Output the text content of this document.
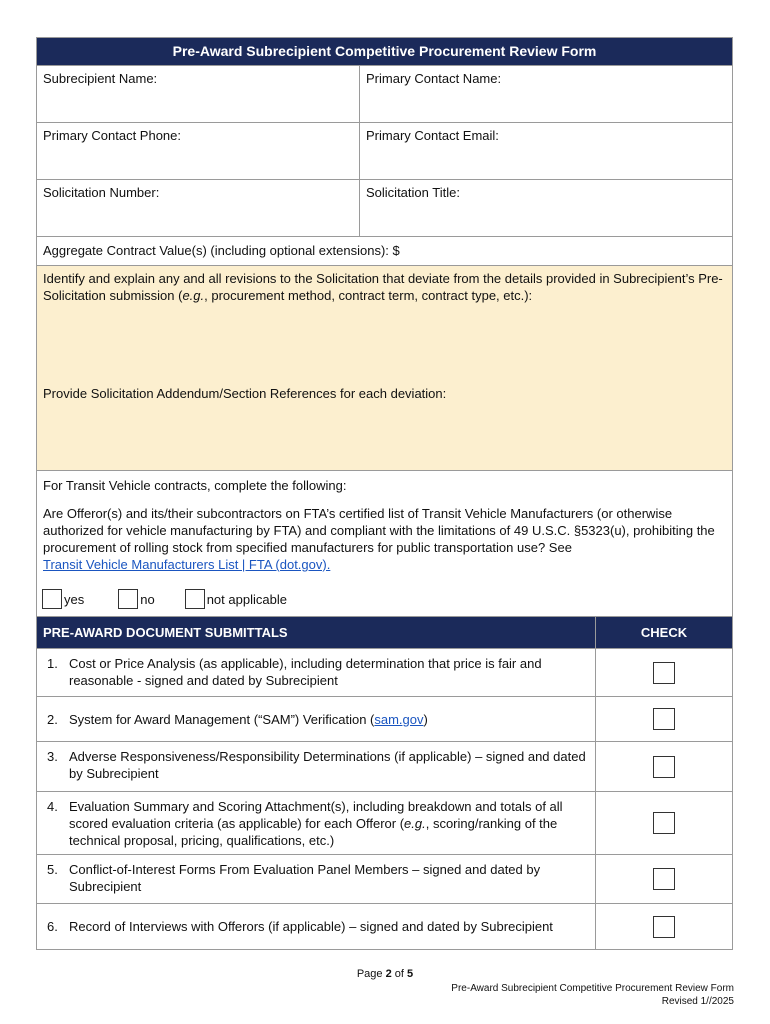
Pre-Award Subrecipient Competitive Procurement Review Form
Subrecipient Name:	Primary Contact Name:
Primary Contact Phone:	Primary Contact Email:
Solicitation Number:	Solicitation Title:
Aggregate Contract Value(s) (including optional extensions): $
Identify and explain any and all revisions to the Solicitation that deviate from the details provided in Subrecipient’s Pre-Solicitation submission (e.g., procurement method, contract term, contract type, etc.):
Provide Solicitation Addendum/Section References for each deviation:

For Transit Vehicle contracts, complete the following:

Are Offeror(s) and its/their subcontractors on FTA’s certified list of Transit Vehicle Manufacturers (or otherwise authorized for vehicle manufacturing by FTA) and compliant with the limitations of 49 U.S.C. §5323(u), prohibiting the procurement of rolling stock from specified manufacturers for public transportation use? See
Transit Vehicle Manufacturers List | FTA (dot.gov).

yes	no	not applicable
PRE-AWARD DOCUMENT SUBMITTALS	CHECK
1. Cost or Price Analysis (as applicable), including determination that price is fair and reasonable - signed and dated by Subrecipient
2. System for Award Management (“SAM”) Verification (sam.gov)
3. Adverse Responsiveness/Responsibility Determinations (if applicable) – signed and dated by Subrecipient
4. Evaluation Summary and Scoring Attachment(s), including breakdown and totals of all scored evaluation criteria (as applicable) for each Offeror (e.g., scoring/ranking of the technical proposal, pricing, qualifications, etc.)
5. Conflict-of-Interest Forms From Evaluation Panel Members – signed and dated by Subrecipient
6. Record of Interviews with Offerors (if applicable) – signed and dated by Subrecipient
Page 2 of 5
Pre-Award Subrecipient Competitive Procurement Review Form
Revised 1//2025
